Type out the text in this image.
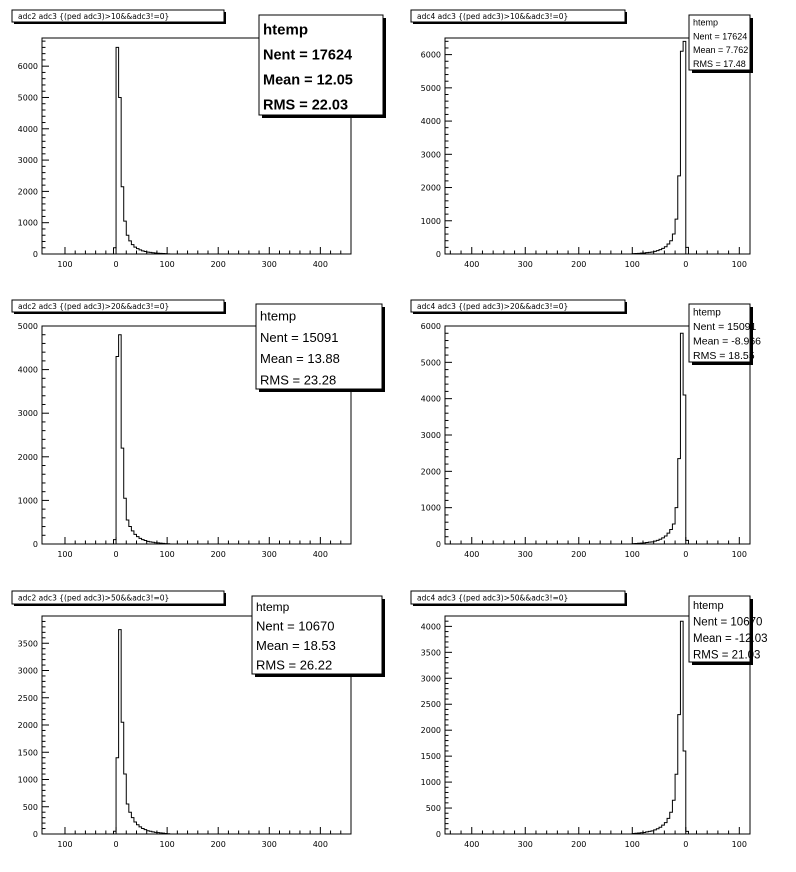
100	0	100	200	300	400
0
1000
2000
3000
4000
5000
6000
adc2 adc3 {(ped adc3)>10&&adc3!=0}
htemp
Nent = 17624
Mean = 12.05
RMS = 22.03
100
0
100
200
300
400
0
1000
2000
3000
4000
5000
6000
adc4 adc3 {(ped adc3)>10&&adc3!=0}
htemp
Nent = 17624
Mean = 7.762
RMS = 17.48
100	0	100	200	300	400
0
1000
2000
3000
4000
5000
adc2 adc3 {(ped adc3)>20&&adc3!=0}
htemp
Nent = 15091
Mean = 13.88
RMS = 23.28
100
0
100
200
300
400
0
1000
2000
3000
4000
5000
6000
adc4 adc3 {(ped adc3)>20&&adc3!=0}
htemp
Nent = 15091
Mean = -8.966
RMS = 18.55
100	0	100	200	300	400
0
500
1000
1500
2000
2500
3000
3500
adc2 adc3 {(ped adc3)>50&&adc3!=0}
htemp
Nent = 10670
Mean = 18.53
RMS = 26.22
100
0
100
200
300
400
0
500
1000
1500
2000
2500
3000
3500
4000
adc4 adc3 {(ped adc3)>50&&adc3!=0}
htemp
Nent = 10670
Mean = -12.03
RMS = 21.03
